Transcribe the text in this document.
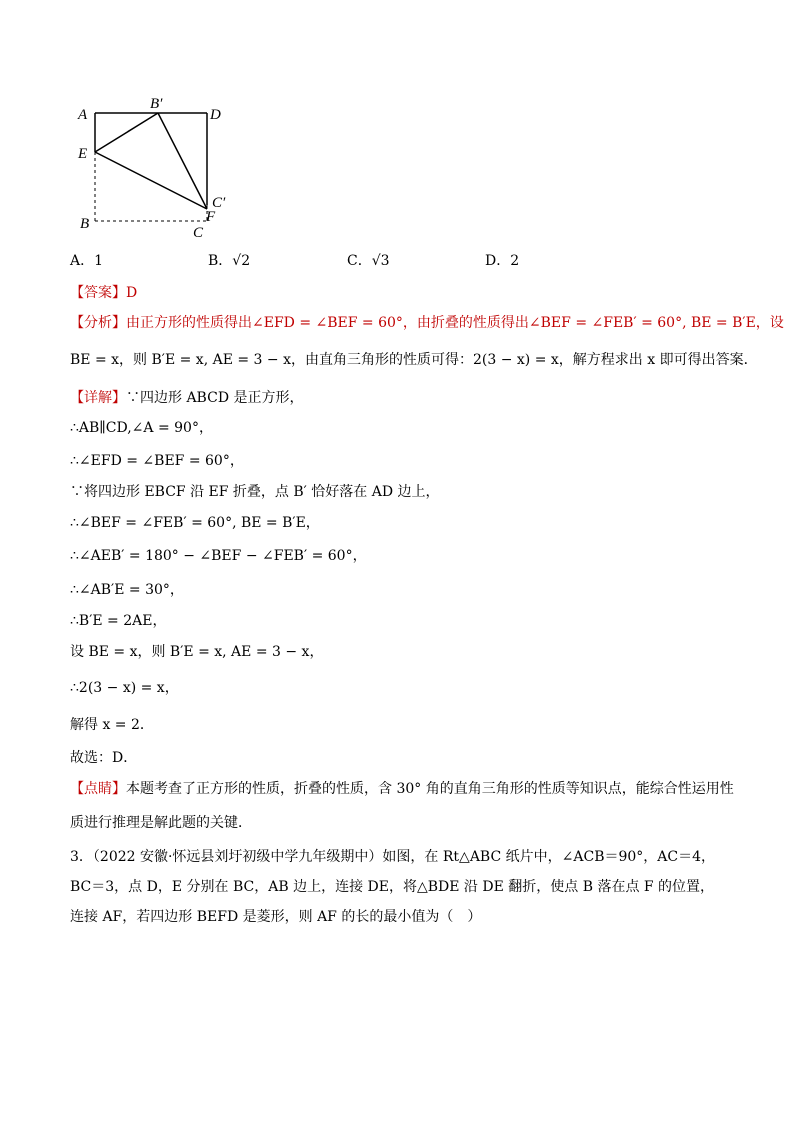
A
B′
D
E
B
C′
F
C
A．1	B．√2	C．√3	D．2
【答案】D
【分析】由正方形的性质得出∠EFD = ∠BEF = 60°，由折叠的性质得出∠BEF = ∠FEB′ = 60°, BE = B′E，设
BE = x，则 B′E = x, AE = 3 − x，由直角三角形的性质可得：2(3 − x) = x，解方程求出 x 即可得出答案．
【详解】∵四边形 ABCD 是正方形，
∴AB∥CD,∠A = 90°，
∴∠EFD = ∠BEF = 60°，
∵将四边形 EBCF 沿 EF 折叠，点 B′ 恰好落在 AD 边上，
∴∠BEF = ∠FEB′ = 60°, BE = B′E，
∴∠AEB′ = 180° − ∠BEF − ∠FEB′ = 60°，
∴∠AB′E = 30°，
∴B′E = 2AE，
设 BE = x，则 B′E = x, AE = 3 − x，
∴2(3 − x) = x，
解得 x = 2．
故选：D．
【点睛】本题考查了正方形的性质，折叠的性质，含 30° 角的直角三角形的性质等知识点，能综合性运用性
质进行推理是解此题的关键．
3．（2022 安徽·怀远县刘圩初级中学九年级期中）如图，在 Rt△ABC 纸片中，∠ACB＝90°，AC＝4，BC＝3，点 D，E 分别在 BC，AB 边上，连接 DE，将△BDE 沿 DE 翻折，使点 B 落在点 F 的位置，连接 AF，若四边形 BEFD 是菱形，则 AF 的长的最小值为（　）
